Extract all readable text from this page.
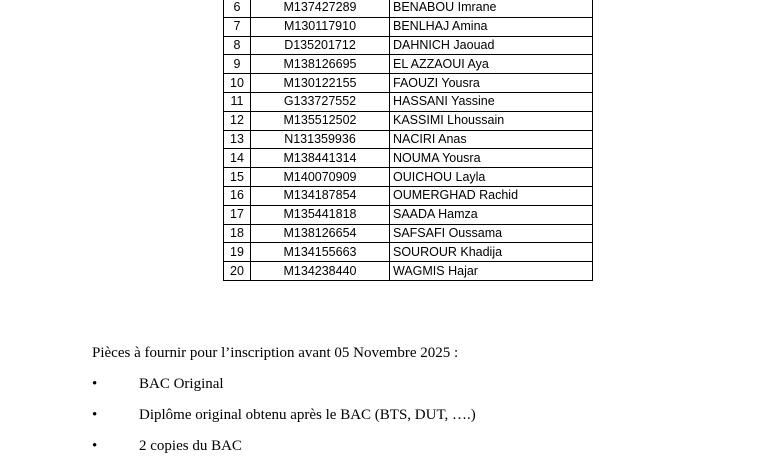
6	M137427289	BENABOU Imrane
7	M130117910	BENLHAJ Amina
8	D135201712	DAHNICH Jaouad
9	M138126695	EL AZZAOUI Aya
10	M130122155	FAOUZI Yousra
11	G133727552	HASSANI Yassine
12	M135512502	KASSIMI Lhoussain
13	N131359936	NACIRI Anas
14	M138441314	NOUMA Yousra
15	M140070909	OUICHOU Layla
16	M134187854	OUMERGHAD Rachid
17	M135441818	SAADA Hamza
18	M138126654	SAFSAFI Oussama
19	M134155663	SOUROUR Khadija
20	M134238440	WAGMIS Hajar

Pièces à fournir pour l’inscription avant 05 Novembre 2025 :

•	BAC Original
•	Diplôme original obtenu après le BAC (BTS, DUT, ….)
•	2 copies du BAC
